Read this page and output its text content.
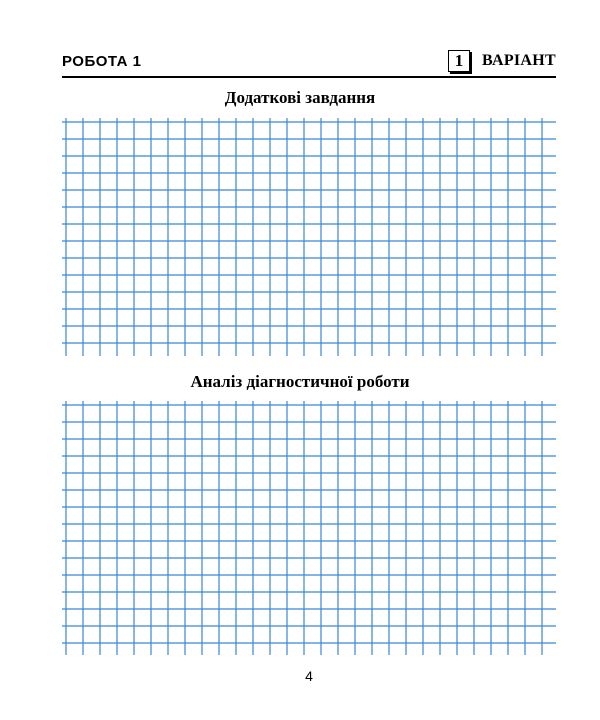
РОБОТА 1	1	ВАРІАНТ
Додаткові завдання
Аналіз діагностичної роботи
4
